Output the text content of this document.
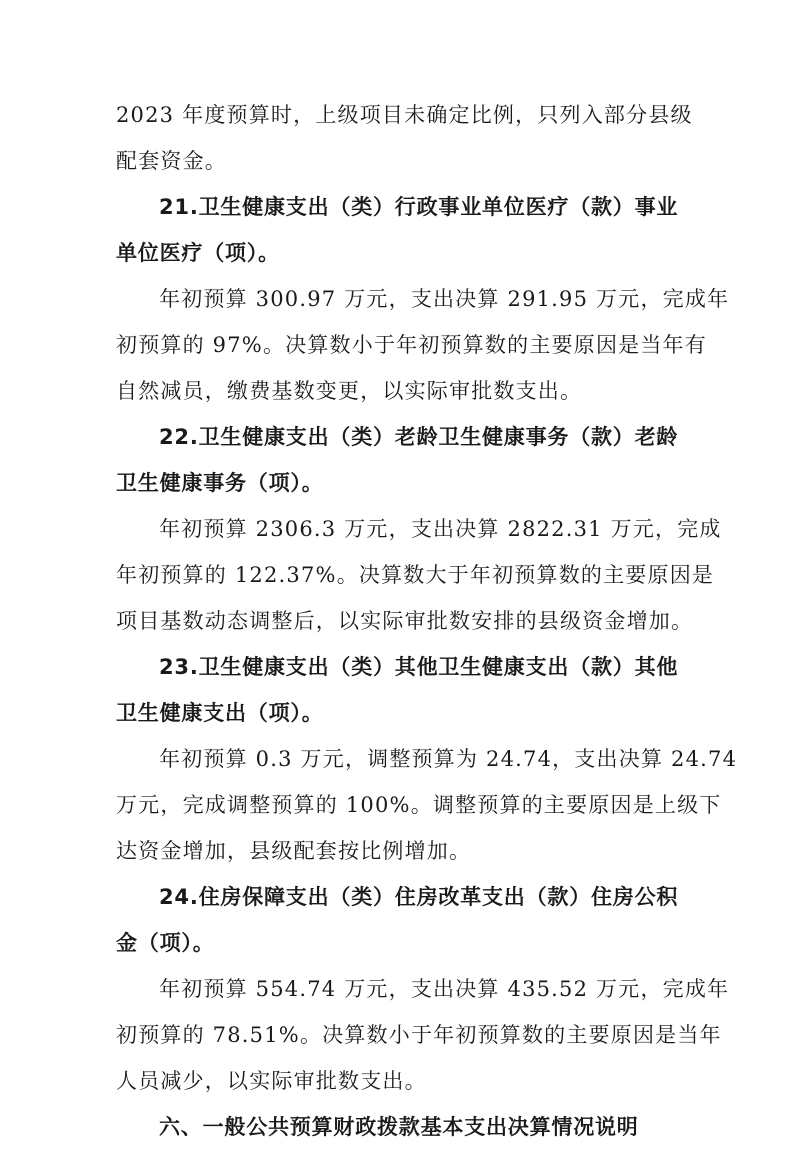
2023 年度预算时，上级项目未确定比例，只列入部分县级
配套资金。
21.卫生健康支出（类）行政事业单位医疗（款）事业
单位医疗（项）。
年初预算 300.97 万元，支出决算 291.95 万元，完成年
初预算的 97%。决算数小于年初预算数的主要原因是当年有
自然减员，缴费基数变更，以实际审批数支出。
22.卫生健康支出（类）老龄卫生健康事务（款）老龄
卫生健康事务（项）。
年初预算 2306.3 万元，支出决算 2822.31 万元，完成
年初预算的 122.37%。决算数大于年初预算数的主要原因是
项目基数动态调整后，以实际审批数安排的县级资金增加。
23.卫生健康支出（类）其他卫生健康支出（款）其他
卫生健康支出（项）。
年初预算 0.3 万元，调整预算为 24.74，支出决算 24.74
万元，完成调整预算的 100%。调整预算的主要原因是上级下
达资金增加，县级配套按比例增加。
24.住房保障支出（类）住房改革支出（款）住房公积
金（项）。
年初预算 554.74 万元，支出决算 435.52 万元，完成年
初预算的 78.51%。决算数小于年初预算数的主要原因是当年
人员减少，以实际审批数支出。
六、一般公共预算财政拨款基本支出决算情况说明
